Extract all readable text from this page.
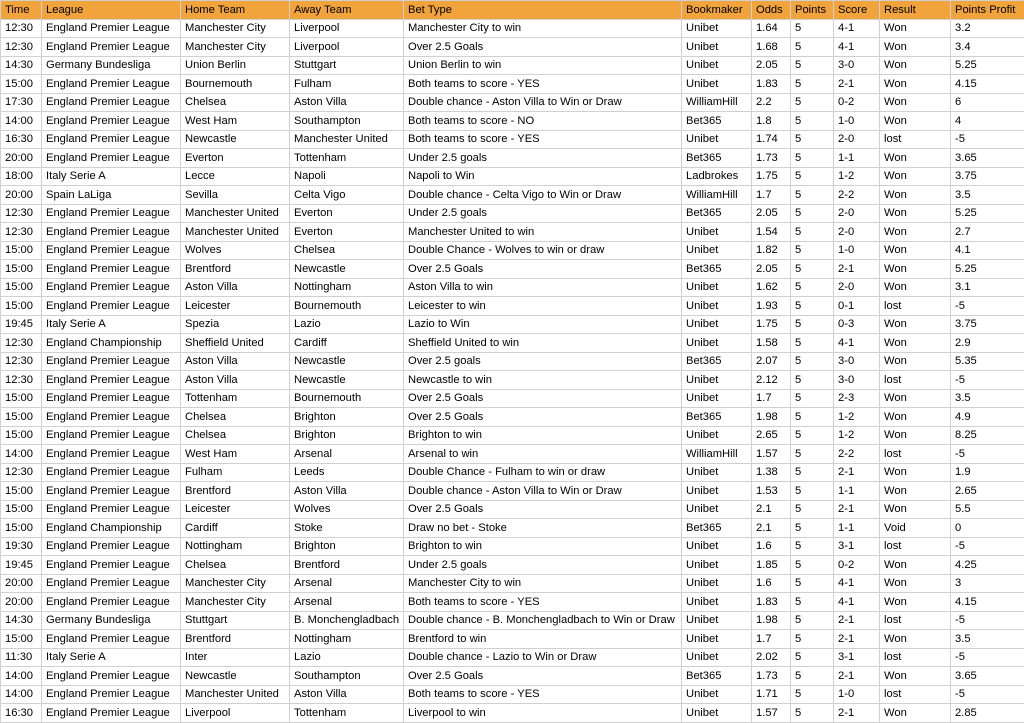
Time	League	Home Team	Away Team	Bet Type	Bookmaker	Odds	Points	Score	Result	Points Profit
12:30	England Premier League	Manchester City	Liverpool	Manchester City to win	Unibet	1.64	5	4-1	Won	3.2
12:30	England Premier League	Manchester City	Liverpool	Over 2.5 Goals	Unibet	1.68	5	4-1	Won	3.4
14:30	Germany Bundesliga	Union Berlin	Stuttgart	Union Berlin to win	Unibet	2.05	5	3-0	Won	5.25
15:00	England Premier League	Bournemouth	Fulham	Both teams to score - YES	Unibet	1.83	5	2-1	Won	4.15
17:30	England Premier League	Chelsea	Aston Villa	Double chance - Aston Villa to Win or Draw	WilliamHill	2.2	5	0-2	Won	6
14:00	England Premier League	West Ham	Southampton	Both teams to score - NO	Bet365	1.8	5	1-0	Won	4
16:30	England Premier League	Newcastle	Manchester United	Both teams to score - YES	Unibet	1.74	5	2-0	lost	-5
20:00	England Premier League	Everton	Tottenham	Under 2.5 goals	Bet365	1.73	5	1-1	Won	3.65
18:00	Italy Serie A	Lecce	Napoli	Napoli to Win	Ladbrokes	1.75	5	1-2	Won	3.75
20:00	Spain LaLiga	Sevilla	Celta Vigo	Double chance - Celta Vigo to Win or Draw	WilliamHill	1.7	5	2-2	Won	3.5
12:30	England Premier League	Manchester United	Everton	Under 2.5 goals	Bet365	2.05	5	2-0	Won	5.25
12:30	England Premier League	Manchester United	Everton	Manchester United to win	Unibet	1.54	5	2-0	Won	2.7
15:00	England Premier League	Wolves	Chelsea	Double Chance - Wolves to win or draw	Unibet	1.82	5	1-0	Won	4.1
15:00	England Premier League	Brentford	Newcastle	Over 2.5 Goals	Bet365	2.05	5	2-1	Won	5.25
15:00	England Premier League	Aston Villa	Nottingham	Aston Villa to win	Unibet	1.62	5	2-0	Won	3.1
15:00	England Premier League	Leicester	Bournemouth	Leicester to win	Unibet	1.93	5	0-1	lost	-5
19:45	Italy Serie A	Spezia	Lazio	Lazio to Win	Unibet	1.75	5	0-3	Won	3.75
12:30	England Championship	Sheffield United	Cardiff	Sheffield United to win	Unibet	1.58	5	4-1	Won	2.9
12:30	England Premier League	Aston Villa	Newcastle	Over 2.5 goals	Bet365	2.07	5	3-0	Won	5.35
12:30	England Premier League	Aston Villa	Newcastle	Newcastle to win	Unibet	2.12	5	3-0	lost	-5
15:00	England Premier League	Tottenham	Bournemouth	Over 2.5 Goals	Unibet	1.7	5	2-3	Won	3.5
15:00	England Premier League	Chelsea	Brighton	Over 2.5 Goals	Bet365	1.98	5	1-2	Won	4.9
15:00	England Premier League	Chelsea	Brighton	Brighton to win	Unibet	2.65	5	1-2	Won	8.25
14:00	England Premier League	West Ham	Arsenal	Arsenal to win	WilliamHill	1.57	5	2-2	lost	-5
12:30	England Premier League	Fulham	Leeds	Double Chance - Fulham to win or draw	Unibet	1.38	5	2-1	Won	1.9
15:00	England Premier League	Brentford	Aston Villa	Double chance - Aston Villa to Win or Draw	Unibet	1.53	5	1-1	Won	2.65
15:00	England Premier League	Leicester	Wolves	Over 2.5 Goals	Unibet	2.1	5	2-1	Won	5.5
15:00	England Championship	Cardiff	Stoke	Draw no bet - Stoke	Bet365	2.1	5	1-1	Void	0
19:30	England Premier League	Nottingham	Brighton	Brighton to win	Unibet	1.6	5	3-1	lost	-5
19:45	England Premier League	Chelsea	Brentford	Under 2.5 goals	Unibet	1.85	5	0-2	Won	4.25
20:00	England Premier League	Manchester City	Arsenal	Manchester City to win	Unibet	1.6	5	4-1	Won	3
20:00	England Premier League	Manchester City	Arsenal	Both teams to score - YES	Unibet	1.83	5	4-1	Won	4.15
14:30	Germany Bundesliga	Stuttgart	B. Monchengladbach	Double chance - B. Monchengladbach to Win or Draw	Unibet	1.98	5	2-1	lost	-5
15:00	England Premier League	Brentford	Nottingham	Brentford to win	Unibet	1.7	5	2-1	Won	3.5
11:30	Italy Serie A	Inter	Lazio	Double chance - Lazio to Win or Draw	Unibet	2.02	5	3-1	lost	-5
14:00	England Premier League	Newcastle	Southampton	Over 2.5 Goals	Bet365	1.73	5	2-1	Won	3.65
14:00	England Premier League	Manchester United	Aston Villa	Both teams to score - YES	Unibet	1.71	5	1-0	lost	-5
16:30	England Premier League	Liverpool	Tottenham	Liverpool to win	Unibet	1.57	5	2-1	Won	2.85
